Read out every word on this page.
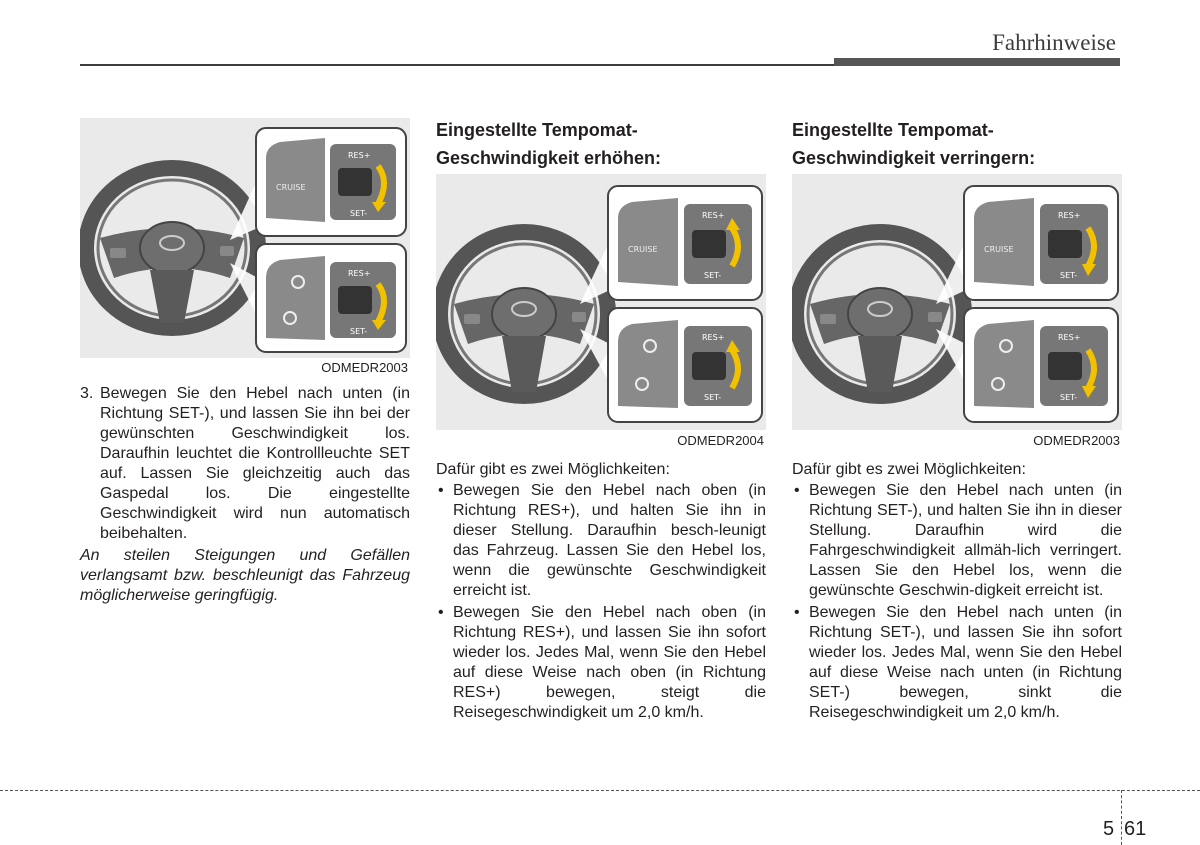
Fahrhinweise
CRUISE
RES+
SET-
RES+
SET-
ODMEDR2003
3. Bewegen Sie den Hebel nach unten (in Richtung SET-), und lassen Sie ihn bei der gewünschten Geschwindigkeit los. Daraufhin leuchtet die Kontrollleuchte SET auf. Lassen Sie gleichzeitig auch das Gaspedal los. Die eingestellte Geschwindigkeit wird nun automatisch beibehalten.
An steilen Steigungen und Gefällen verlangsamt bzw. beschleunigt das Fahrzeug möglicherweise geringfügig.
Eingestellte Tempomat-
Geschwindigkeit erhöhen:
CRUISE
RES+
SET-
RES+
SET-
ODMEDR2004
Dafür gibt es zwei Möglichkeiten:
• Bewegen Sie den Hebel nach oben (in Richtung RES+), und halten Sie ihn in dieser Stellung. Daraufhin besch-leunigt das Fahrzeug. Lassen Sie den Hebel los, wenn die gewünschte Geschwindigkeit erreicht ist.
• Bewegen Sie den Hebel nach oben (in Richtung RES+), und lassen Sie ihn sofort wieder los. Jedes Mal, wenn Sie den Hebel auf diese Weise nach oben (in Richtung RES+) bewegen, steigt die Reisegeschwindigkeit um 2,0 km/h.
Eingestellte Tempomat-
Geschwindigkeit verringern:
CRUISE
RES+
SET-
RES+
SET-
ODMEDR2003
Dafür gibt es zwei Möglichkeiten:
• Bewegen Sie den Hebel nach unten (in Richtung SET-), und halten Sie ihn in dieser Stellung. Daraufhin wird die Fahrgeschwindigkeit allmäh-lich verringert. Lassen Sie den Hebel los, wenn die gewünschte Geschwin-digkeit erreicht ist.
• Bewegen Sie den Hebel nach unten (in Richtung SET-), und lassen Sie ihn sofort wieder los. Jedes Mal, wenn Sie den Hebel auf diese Weise nach unten (in Richtung SET-) bewegen, sinkt die Reisegeschwindigkeit um 2,0 km/h.
5 61
